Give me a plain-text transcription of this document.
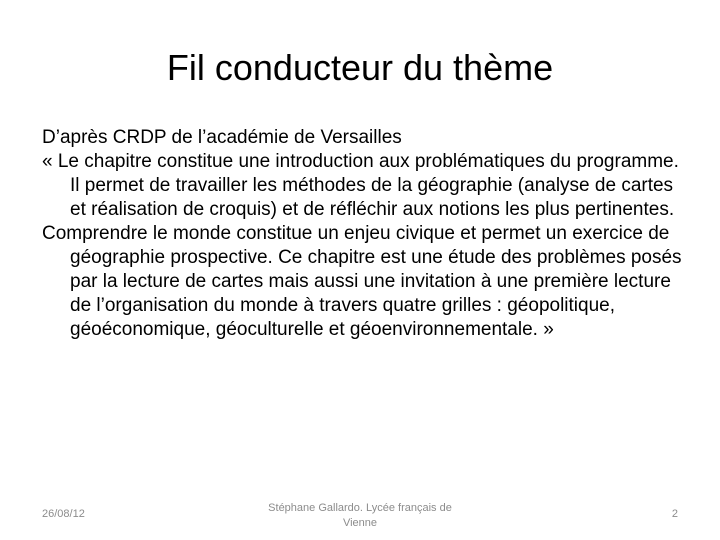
Fil conducteur du thème

D’après CRDP de l’académie de Versailles

« Le chapitre constitue une introduction aux problématiques du programme. Il permet de travailler les méthodes de la géographie (analyse de cartes et réalisation de croquis) et de réfléchir aux notions les plus pertinentes.

Comprendre le monde constitue un enjeu civique et permet un exercice de géographie prospective. Ce chapitre est une étude des problèmes posés par la lecture de cartes mais aussi une invitation à une première lecture de l’organisation du monde à travers quatre grilles : géopolitique, géoéconomique, géoculturelle et géoenvironnementale. »

26/08/12	Stéphane Gallardo. Lycée français de Vienne
2
